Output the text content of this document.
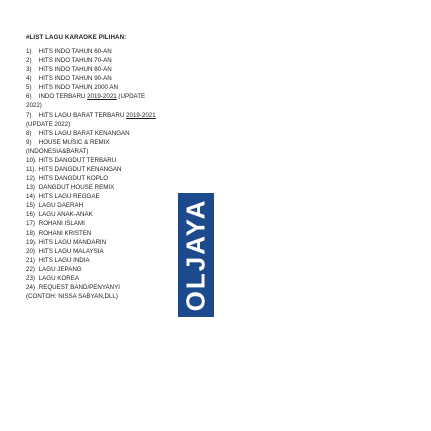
#LIST LAGU KARAOKE PILIHAN:
1) HITS INDO TAHUN 60-AN
2) HITS INDO TAHUN 70-AN
3) HITS INDO TAHUN 80-AN
4) HITS INDO TAHUN 90-AN
5) HITS INDO TAHUN 2000 AN
6) INDO TERBARU 2019-2021 (UPDATE
2022)
7) HITS LAGU BARAT TERBARU 2019-2021
(UPDATE 2022)
8) HITS LAGU BARAT KENANGAN
9) HOUSE MUSIC & REMIX
(INDONESIA&BARAT)
10). HITS DANGDUT TERBARU
11). HITS DANGDUT KENANGAN
12) HITS DANGDUT KOPLO
13) DANGDUT HOUSE REMIX
14) HITS LAGU REGGAE
15) LAGU DAERAH
16) LAGU ANAK-ANAK
17) ROHANI ISLAMI
18) ROHANI KRISTEN
19). HITS LAGU MANDARIN
20) HITS LAGU MALAYSIA
21) HITS LAGU INDIA
22) LAGU JEPANG
23) LAGU KOREA
24) REQUEST BAND/PENYANYI
(CONTOH: NISSA SABYAN,DLL)	OLJAYA
